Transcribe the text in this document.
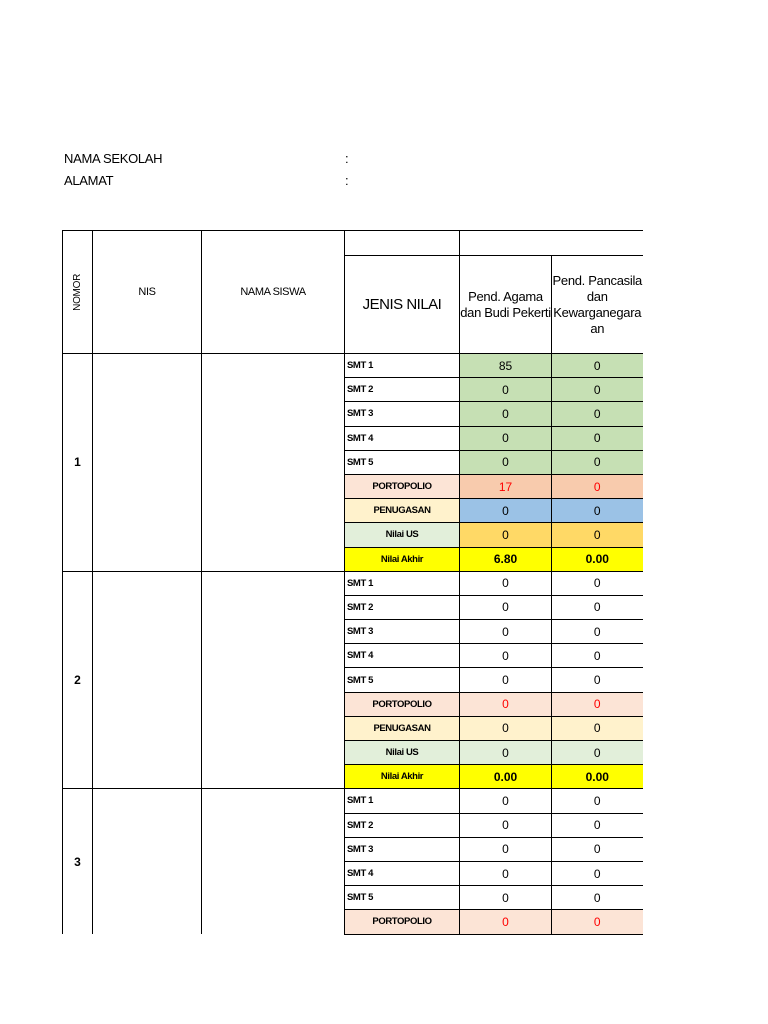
NAMA SEKOLAH	:
ALAMAT	:
NOMOR	NIS	NAMA SISWA			
			JENIS NILAI	Pend. Agama dan Budi Pekerti	Pend. Pancasila dan Kewarganegara an
1			SMT 1	85	0
			SMT 2	0	0
			SMT 3	0	0
			SMT 4	0	0
			SMT 5	0	0
			PORTOPOLIO	17	0
			PENUGASAN	0	0
			Nilai US	0	0
			Nilai Akhir	6.80	0.00
2			SMT 1	0	0
			SMT 2	0	0
			SMT 3	0	0
			SMT 4	0	0
			SMT 5	0	0
			PORTOPOLIO	0	0
			PENUGASAN	0	0
			Nilai US	0	0
			Nilai Akhir	0.00	0.00
3			SMT 1	0	0
			SMT 2	0	0
			SMT 3	0	0
			SMT 4	0	0
			SMT 5	0	0
			PORTOPOLIO	0	0
